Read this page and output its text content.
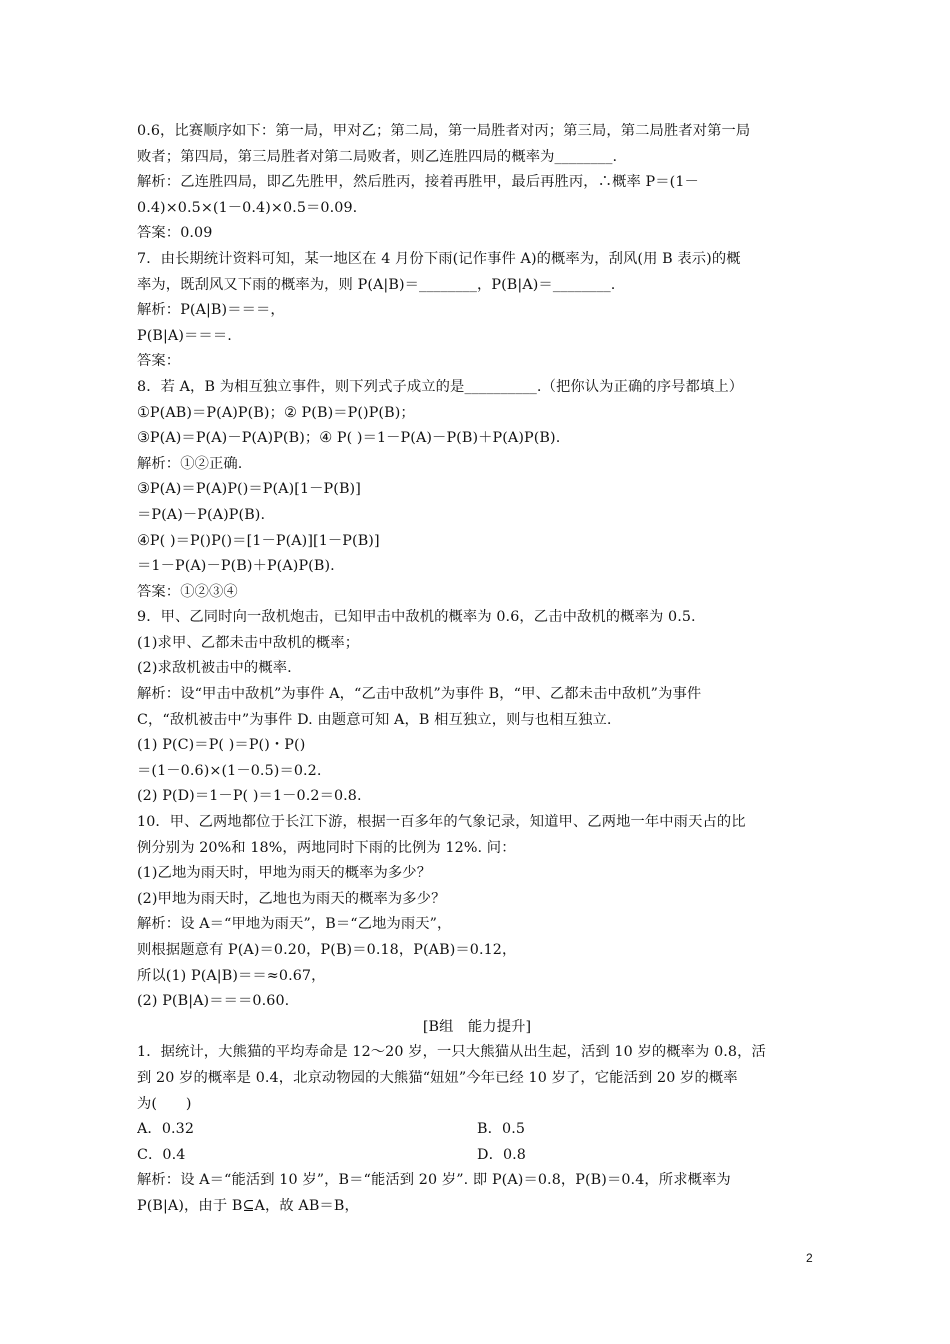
0.6，比赛顺序如下：第一局，甲对乙；第二局，第一局胜者对丙；第三局，第二局胜者对第一局
败者；第四局，第三局胜者对第二局败者，则乙连胜四局的概率为________.
解析：乙连胜四局，即乙先胜甲，然后胜丙，接着再胜甲，最后再胜丙，∴概率 P＝(1－
0.4)×0.5×(1－0.4)×0.5＝0.09.
答案：0.09
7．由长期统计资料可知，某一地区在 4 月份下雨(记作事件 A)的概率为，刮风(用 B 表示)的概
率为，既刮风又下雨的概率为，则 P(A|B)＝________，P(B|A)＝________.
解析：P(A|B)＝＝＝，
P(B|A)＝＝＝.
答案：
8．若 A，B 为相互独立事件，则下列式子成立的是__________.（把你认为正确的序号都填上）
①P(AB)＝P(A)P(B)；② P(B)＝P()P(B)；
③P(A)＝P(A)－P(A)P(B)；④ P( )＝1－P(A)－P(B)＋P(A)P(B).
解析：①②正确.
③P(A)＝P(A)P()＝P(A)[1－P(B)]
＝P(A)－P(A)P(B).
④P( )＝P()P()＝[1－P(A)][1－P(B)]
＝1－P(A)－P(B)＋P(A)P(B).
答案：①②③④
9．甲、乙同时向一敌机炮击，已知甲击中敌机的概率为 0.6，乙击中敌机的概率为 0.5.
(1)求甲、乙都未击中敌机的概率；
(2)求敌机被击中的概率.
解析：设“甲击中敌机”为事件 A，“乙击中敌机”为事件 B，“甲、乙都未击中敌机”为事件
C，“敌机被击中”为事件 D. 由题意可知 A，B 相互独立，则与也相互独立.
(1) P(C)＝P( )＝P()・P()
＝(1－0.6)×(1－0.5)＝0.2.
(2) P(D)＝1－P( )＝1－0.2＝0.8.
10．甲、乙两地都位于长江下游，根据一百多年的气象记录，知道甲、乙两地一年中雨天占的比
例分别为 20%和 18%，两地同时下雨的比例为 12%. 问：
(1)乙地为雨天时，甲地为雨天的概率为多少？
(2)甲地为雨天时，乙地也为雨天的概率为多少？
解析：设 A＝“甲地为雨天”，B＝“乙地为雨天”，
则根据题意有 P(A)＝0.20，P(B)＝0.18，P(AB)＝0.12，
所以(1) P(A|B)＝＝≈0.67，
(2) P(B|A)＝＝＝0.60.
[B组　能力提升]
1．据统计，大熊猫的平均寿命是 12～20 岁，一只大熊猫从出生起，活到 10 岁的概率为 0.8，活
到 20 岁的概率是 0.4，北京动物园的大熊猫“妞妞”今年已经 10 岁了，它能活到 20 岁的概率
为(　　)
A．0.32	B．0.5
C．0.4	D．0.8
解析：设 A＝“能活到 10 岁”，B＝“能活到 20 岁”. 即 P(A)＝0.8，P(B)＝0.4，所求概率为
P(B|A)，由于 B⊆A，故 AB＝B，
2
